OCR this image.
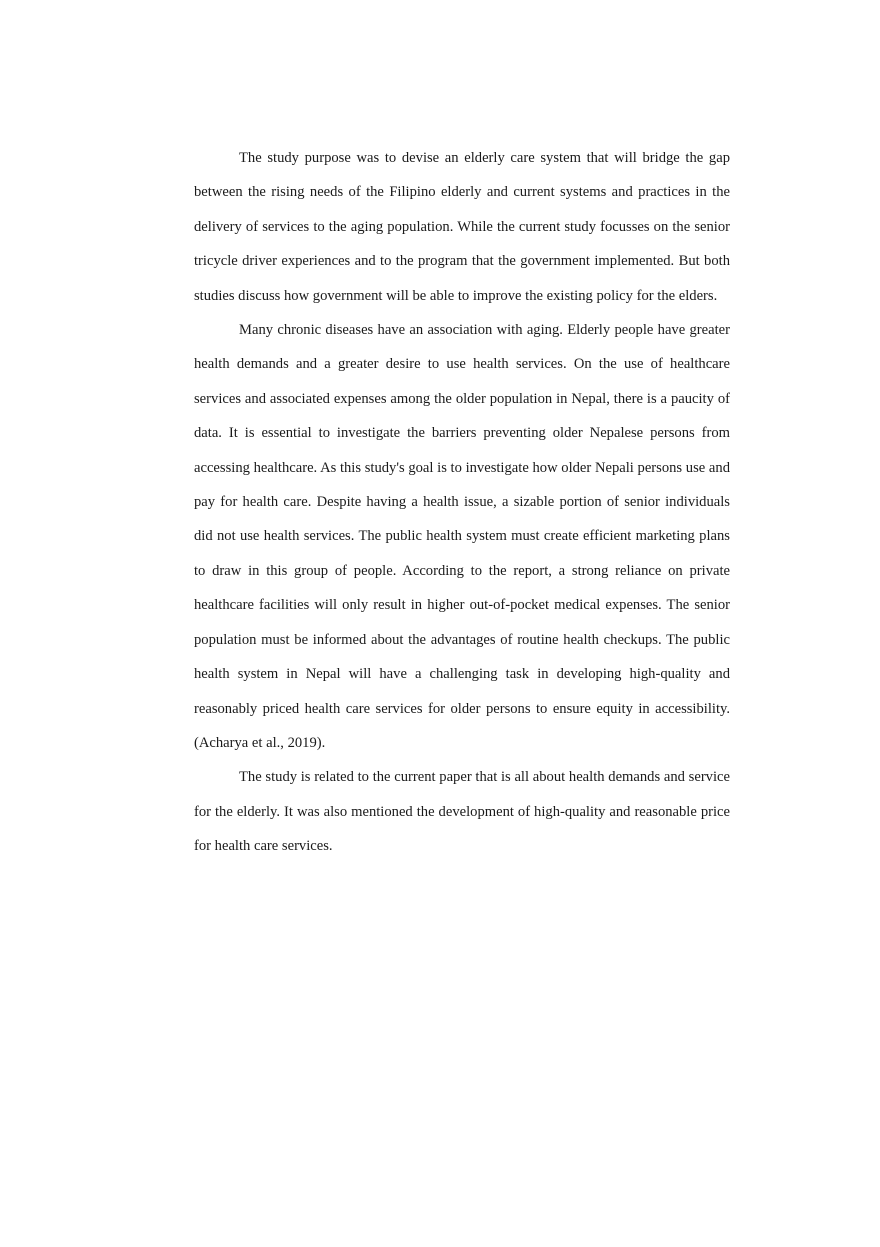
The study purpose was to devise an elderly care system that will bridge the gap between the rising needs of the Filipino elderly and current systems and practices in the delivery of services to the aging population. While the current study focusses on the senior tricycle driver experiences and to the program that the government implemented. But both studies discuss how government will be able to improve the existing policy for the elders.

Many chronic diseases have an association with aging. Elderly people have greater health demands and a greater desire to use health services. On the use of healthcare services and associated expenses among the older population in Nepal, there is a paucity of data. It is essential to investigate the barriers preventing older Nepalese persons from accessing healthcare. As this study's goal is to investigate how older Nepali persons use and pay for health care. Despite having a health issue, a sizable portion of senior individuals did not use health services. The public health system must create efficient marketing plans to draw in this group of people. According to the report, a strong reliance on private healthcare facilities will only result in higher out-of-pocket medical expenses. The senior population must be informed about the advantages of routine health checkups. The public health system in Nepal will have a challenging task in developing high-quality and reasonably priced health care services for older persons to ensure equity in accessibility. (Acharya et al., 2019).

The study is related to the current paper that is all about health demands and service for the elderly. It was also mentioned the development of high-quality and reasonable price for health care services.
